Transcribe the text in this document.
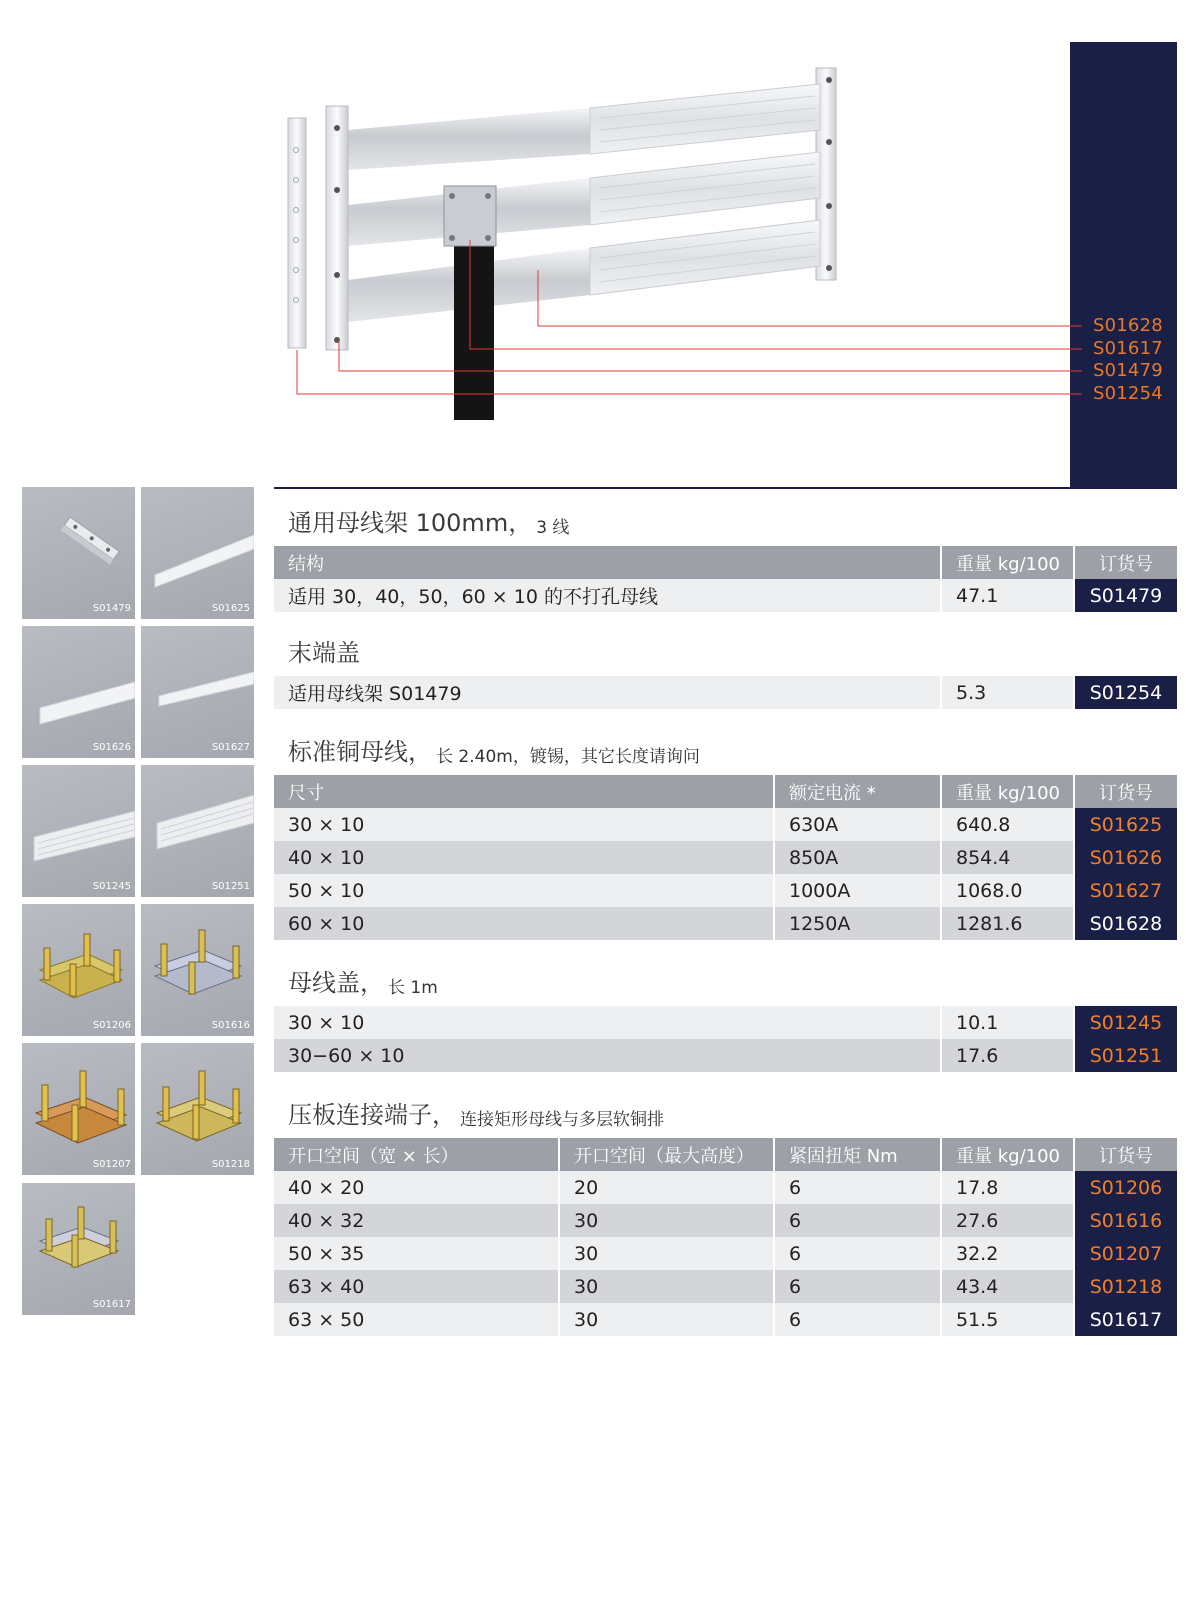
S01628
S01617
S01479
S01254
S01479	S01625
S01626	S01627
S01245	S01251
S01206	S01616
S01207	S01218
S01617
通用母线架 100mm， 3 线
结构	重量 kg/100	订货号
适用 30，40，50，60 × 10 的不打孔母线	47.1	S01479
末端盖
适用母线架 S01479	5.3	S01254
标准铜母线， 长 2.40m，镀锡，其它长度请询问
尺寸	额定电流 *	重量 kg/100	订货号
30 × 10	630A	640.8	S01625
40 × 10	850A	854.4	S01626
50 × 10	1000A	1068.0	S01627
60 × 10	1250A	1281.6	S01628
母线盖， 长 1m
30 × 10	10.1	S01245
30−60 × 10	17.6	S01251
压板连接端子， 连接矩形母线与多层软铜排
开口空间（宽 × 长）	开口空间（最大高度）	紧固扭矩 Nm	重量 kg/100	订货号
40 × 20	20	6	17.8	S01206
40 × 32	30	6	27.6	S01616
50 × 35	30	6	32.2	S01207
63 × 40	30	6	43.4	S01218
63 × 50	30	6	51.5	S01617
